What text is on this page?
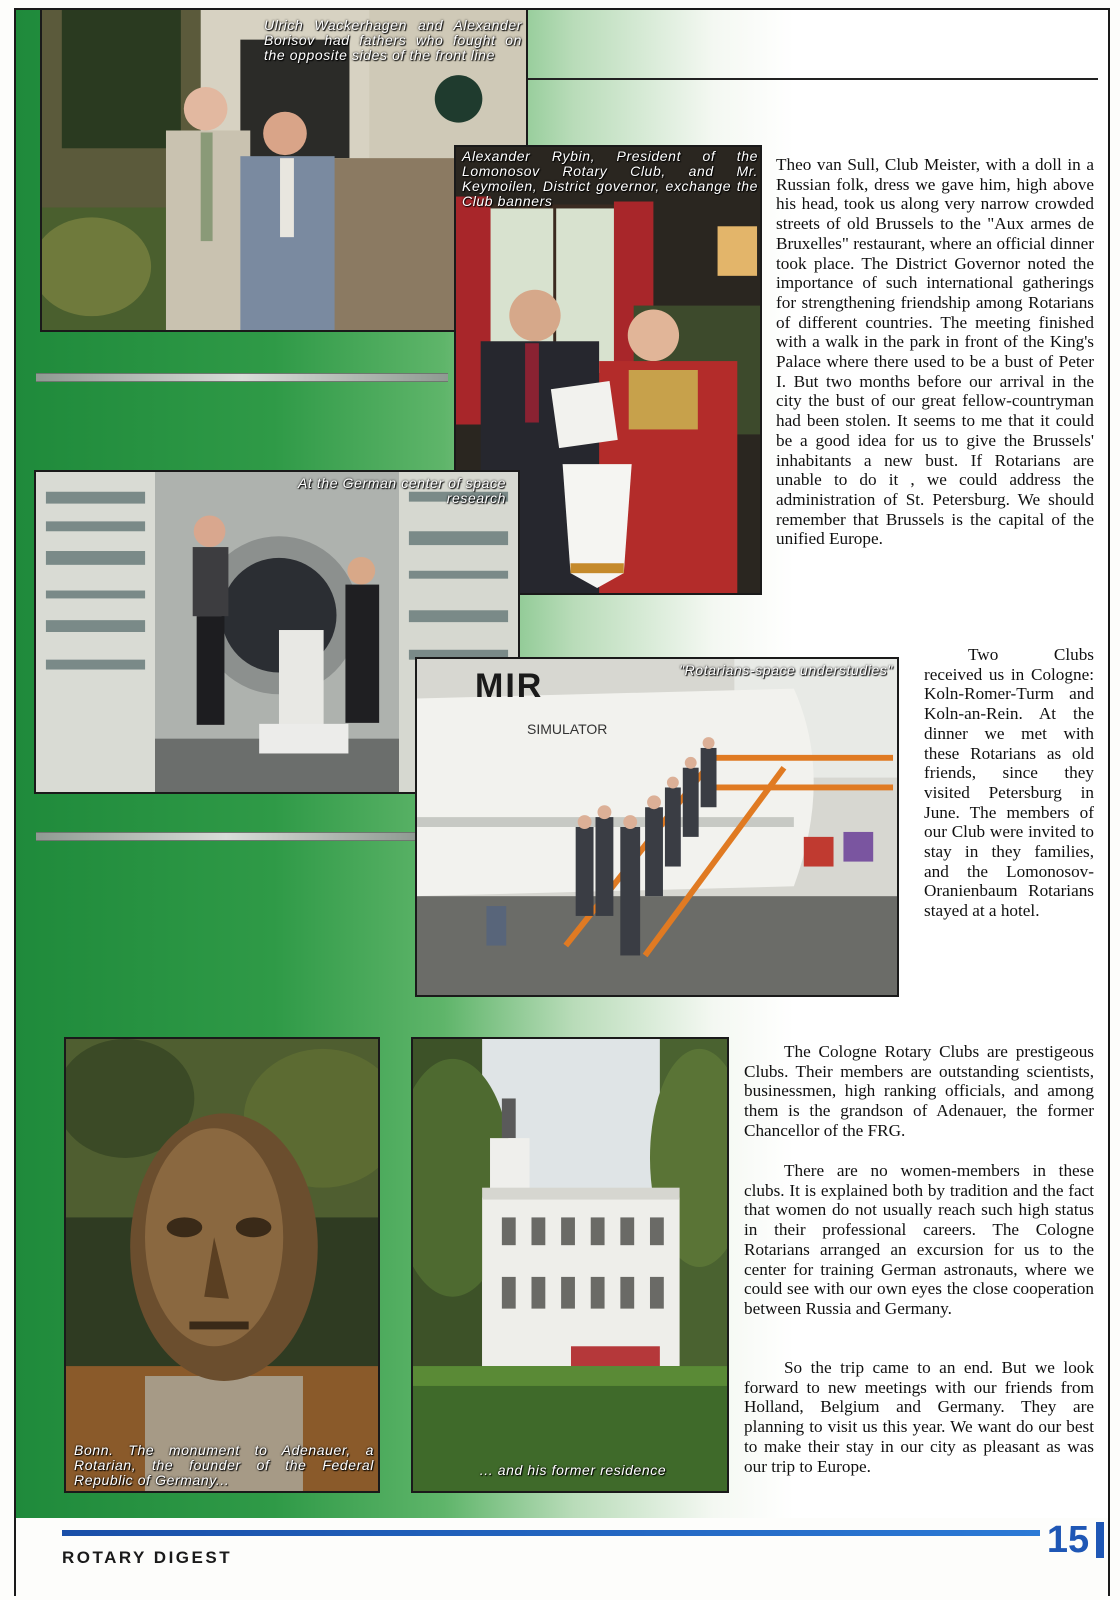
Ulrich Wackerhagen and Alexander Borisov had fathers who fought on the opposite sides of the front line
Alexander Rybin, President of the Lomonosov Rotary Club, and Mr. Keymoilen, District governor, exchange the Club banners
At the German center of space research
MIR
SIMULATOR
"Rotarians-space understudies"
Bonn. The monument to Adenauer, a Rotarian, the founder of the Federal Republic of Germany...
... and his former residence
Theo van Sull, Club Meister, with a doll in a Russian folk, dress we gave him, high above his head, took us along very narrow crowded streets of old Brussels to the "Aux armes de Bruxelles" restaurant, where an official dinner took place. The District Governor noted the importance of such international gatherings for strengthening friendship among Rotarians of different countries. The meeting finished with a walk in the park in front of the King's Palace where there used to be a bust of Peter I. But two months before our arrival in the city the bust of our great fellow-countryman had been stolen. It seems to me that it could be a good idea for us to give the Brussels' inhabitants a new bust. If Rotarians are unable to do it , we could address the administration of St. Petersburg. We should remember that Brussels is the capital of the unified Europe.
Two Clubs received us in Cologne: Koln-Romer-Turm and Koln-an-Rein. At the dinner we met with these Rotarians as old friends, since they visited Petersburg in June. The members of our Club were invited to stay in they families, and the Lomonosov-Oranienbaum Rotarians stayed at a hotel.
The Cologne Rotary Clubs are prestigeous Clubs. Their members are outstanding scientists, businessmen, high ranking officials, and among them is the grandson of Adenauer, the former Chancellor of the FRG.
There are no women-members in these clubs. It is explained both by tradition and the fact that women do not usually reach such high status in their professional careers. The Cologne Rotarians arranged an excursion for us to the center for training German astronauts, where we could see with our own eyes the close cooperation between Russia and Germany.
So the trip came to an end. But we look forward to new meetings with our friends from Holland, Belgium and Germany. They are planning to visit us this year. We want do our best to make their stay in our city as pleasant as was our trip to Europe.
ROTARY DIGEST	15
